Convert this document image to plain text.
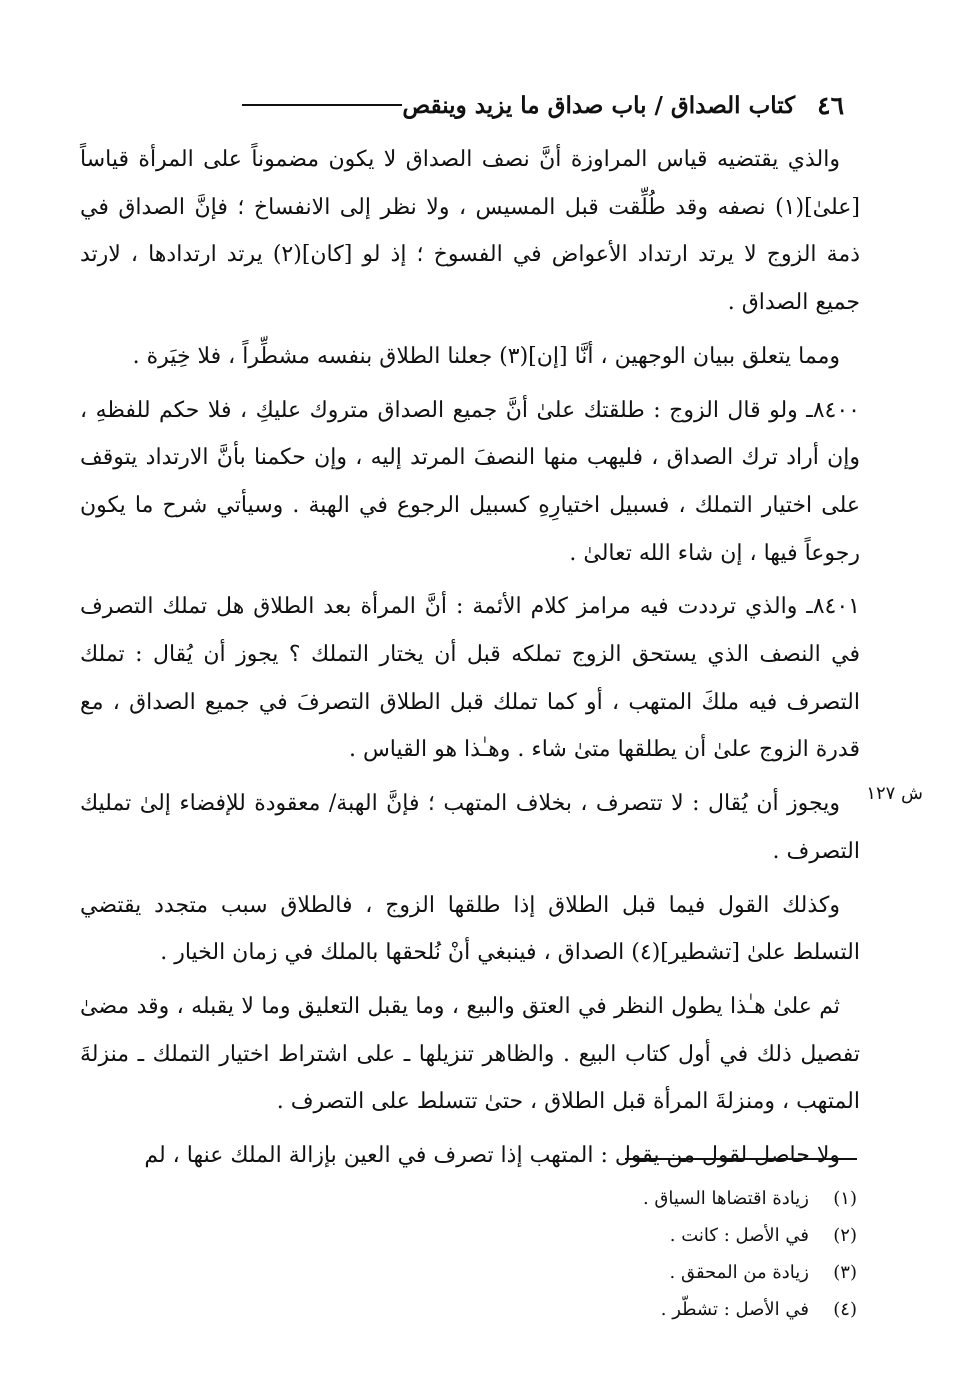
٤٦
كتاب الصداق / باب صداق ما يزيد وينقص

والذي يقتضيه قياس المراوزة أنَّ نصف الصداق لا يكون مضموناً على المرأة قياساً [علىٰ](١) نصفه وقد طُلِّقت قبل المسيس ، ولا نظر إلى الانفساخ ؛ فإنَّ الصداق في ذمة الزوج لا يرتد ارتداد الأعواض في الفسوخ ؛ إذ لو [كان](٢) يرتد ارتدادها ، لارتد جميع الصداق .

ومما يتعلق ببيان الوجهين ، أنَّا [إن](٣) جعلنا الطلاق بنفسه مشطِّراً ، فلا خِيَرة .

٨٤٠٠ـ ولو قال الزوج : طلقتك علىٰ أنَّ جميع الصداق متروك عليكِ ، فلا حكم للفظهِ ، وإن أراد ترك الصداق ، فليهب منها النصفَ المرتد إليه ، وإن حكمنا بأنَّ الارتداد يتوقف على اختيار التملك ، فسبيل اختيارِهِ كسبيل الرجوع في الهبة . وسيأتي شرح ما يكون رجوعاً فيها ، إن شاء الله تعالىٰ .

٨٤٠١ـ والذي ترددت فيه مرامز كلام الأئمة : أنَّ المرأة بعد الطلاق هل تملك التصرف في النصف الذي يستحق الزوج تملكه قبل أن يختار التملك ؟ يجوز أن يُقال : تملك التصرف فيه ملكَ المتهب ، أو كما تملك قبل الطلاق التصرفَ في جميع الصداق ، مع قدرة الزوج علىٰ أن يطلقها متىٰ شاء . وهـٰذا هو القياس .

ويجوز أن يُقال : لا تتصرف ، بخلاف المتهب ؛ فإنَّ الهبة/ معقودة للإفضاء إلىٰ تمليك التصرف .

وكذلك القول فيما قبل الطلاق إذا طلقها الزوج ، فالطلاق سبب متجدد يقتضي التسلط علىٰ [تشطير](٤) الصداق ، فينبغي أنْ نُلحقها بالملك في زمان الخيار .

ثم علىٰ هـٰذا يطول النظر في العتق والبيع ، وما يقبل التعليق وما لا يقبله ، وقد مضىٰ تفصيل ذلك في أول كتاب البيع . والظاهر تنزيلها ـ على اشتراط اختيار التملك ـ منزلةَ المتهب ، ومنزلةَ المرأة قبل الطلاق ، حتىٰ تتسلط على التصرف .

ولا حاصل لقول من يقول : المتهب إذا تصرف في العين بإزالة الملك عنها ، لم

ش ١٢٧
(١)
زيادة اقتضاها السياق .
(٢)
في الأصل : كانت .
(٣)
زيادة من المحقق .
(٤)
في الأصل : تشطّر .
